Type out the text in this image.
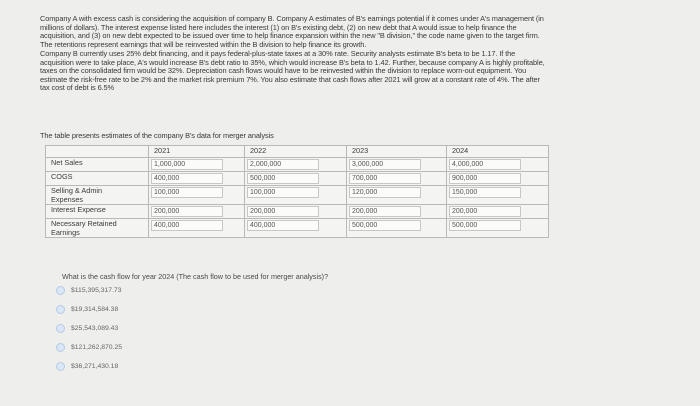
Company A with excess cash is considering the acquisition of company B. Company A estimates of B's earnings potential if it comes under A's management (in
millions of dollars). The interest expense listed here includes the interest (1) on B's existing debt, (2) on new debt that A would issue to help finance the
acquisition, and (3) on new debt expected to be issued over time to help finance expansion within the new "B division," the code name given to the target firm.
The retentions represent earnings that will be reinvested within the B division to help finance its growth.
Company B currently uses 25% debt financing, and it pays federal-plus-state taxes at a 30% rate. Security analysts estimate B's beta to be 1.17. If the
acquisition were to take place, A's would increase B's debt ratio to 35%, which would increase B's beta to 1.42. Further, because company A is highly profitable,
taxes on the consolidated firm would be 32%. Depreciation cash flows would have to be reinvested within the division to replace worn-out equipment. You
estimate the risk-free rate to be 2% and the market risk premium 7%. You also estimate that cash flows after 2021 will grow at a constant rate of 4%. The after
tax cost of debt is 6.5%
The table presents estimates of the company B's data for merger analysis
	2021	2022	2023	2024
Net Sales	1,000,000	2,000,000	3,000,000	4,000,000
COGS	400,000	500,000	700,000	900,000

Selling & Admin
Expenses	100,000	100,000	120,000	150,000
Interest Expense	200,000	200,000	200,000	200,000

Necessary Retained
Earnings	400,000	400,000	500,000	500,000
What is the cash flow for year 2024 (The cash flow to be used for merger analysis)?
$115,395,317.73
$19,314,584.38
$25,543,089.43
$121,262,870.25
$36,271,430.18
